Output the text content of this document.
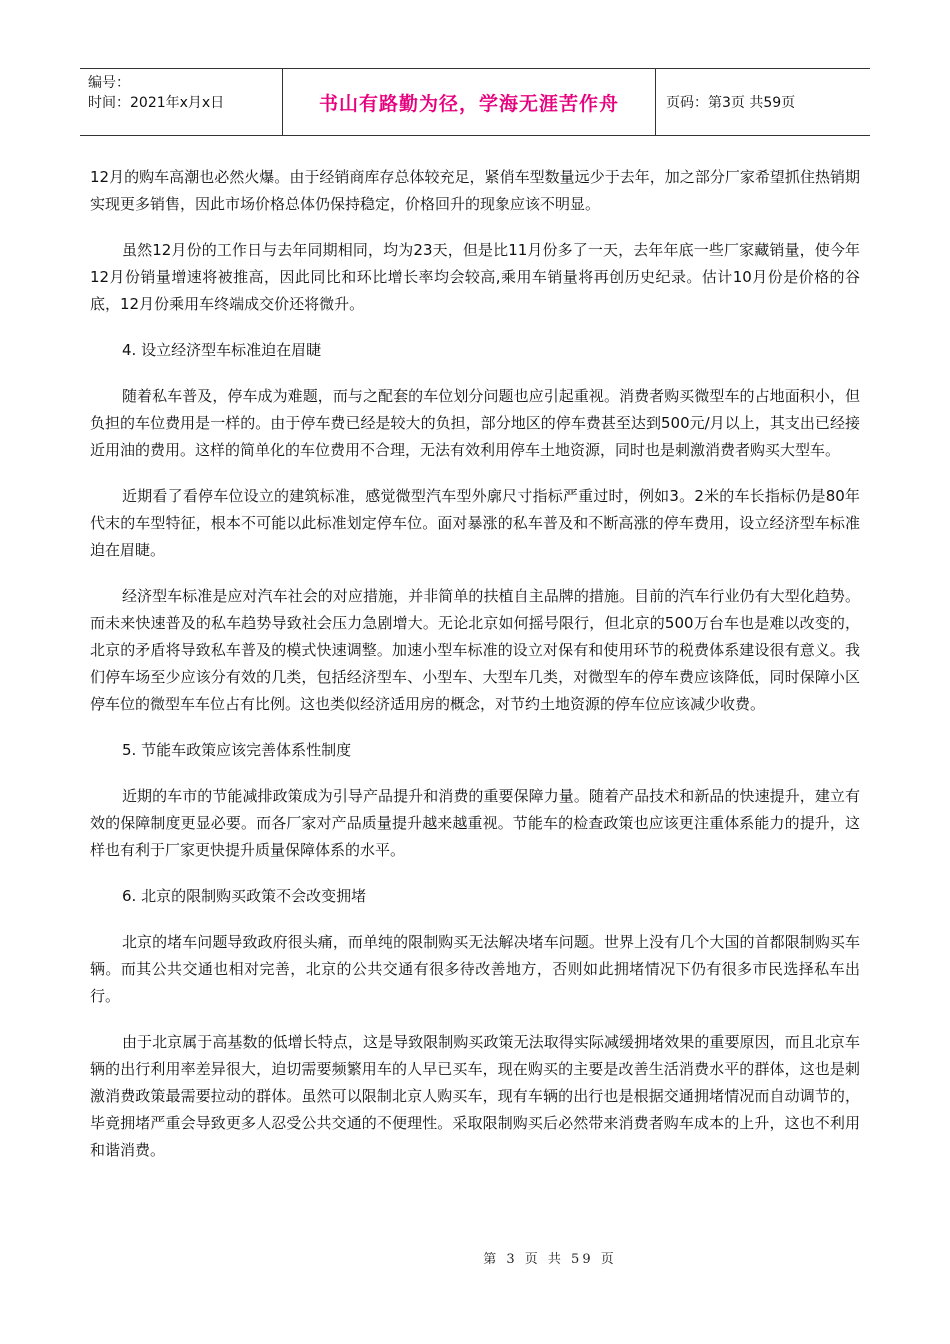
编号：
时间：2021年x月x日	书山有路勤为径，学海无涯苦作舟	页码：第3页 共59页

12月的购车高潮也必然火爆。由于经销商库存总体较充足，紧俏车型数量远少于去年，加之部分厂家希望抓住热销期实现更多销售，因此市场价格总体仍保持稳定，价格回升的现象应该不明显。

虽然12月份的工作日与去年同期相同，均为23天，但是比11月份多了一天，去年年底一些厂家藏销量，使今年12月份销量增速将被推高，因此同比和环比增长率均会较高,乘用车销量将再创历史纪录。估计10月份是价格的谷底，12月份乘用车终端成交价还将微升。

4. 设立经济型车标准迫在眉睫

随着私车普及，停车成为难题，而与之配套的车位划分问题也应引起重视。消费者购买微型车的占地面积小，但负担的车位费用是一样的。由于停车费已经是较大的负担，部分地区的停车费甚至达到500元/月以上，其支出已经接近用油的费用。这样的简单化的车位费用不合理，无法有效利用停车土地资源，同时也是刺激消费者购买大型车。

近期看了看停车位设立的建筑标准，感觉微型汽车型外廓尺寸指标严重过时，例如3。2米的车长指标仍是80年代末的车型特征，根本不可能以此标准划定停车位。面对暴涨的私车普及和不断高涨的停车费用，设立经济型车标准迫在眉睫。

经济型车标准是应对汽车社会的对应措施，并非简单的扶植自主品牌的措施。目前的汽车行业仍有大型化趋势。而未来快速普及的私车趋势导致社会压力急剧增大。无论北京如何摇号限行，但北京的500万台车也是难以改变的，北京的矛盾将导致私车普及的模式快速调整。加速小型车标准的设立对保有和使用环节的税费体系建设很有意义。我们停车场至少应该分有效的几类，包括经济型车、小型车、大型车几类，对微型车的停车费应该降低，同时保障小区停车位的微型车车位占有比例。这也类似经济适用房的概念，对节约土地资源的停车位应该减少收费。

5. 节能车政策应该完善体系性制度

近期的车市的节能减排政策成为引导产品提升和消费的重要保障力量。随着产品技术和新品的快速提升，建立有效的保障制度更显必要。而各厂家对产品质量提升越来越重视。节能车的检查政策也应该更注重体系能力的提升，这样也有利于厂家更快提升质量保障体系的水平。

6. 北京的限制购买政策不会改变拥堵

北京的堵车问题导致政府很头痛，而单纯的限制购买无法解决堵车问题。世界上没有几个大国的首都限制购买车辆。而其公共交通也相对完善，北京的公共交通有很多待改善地方，否则如此拥堵情况下仍有很多市民选择私车出行。

由于北京属于高基数的低增长特点，这是导致限制购买政策无法取得实际减缓拥堵效果的重要原因，而且北京车辆的出行利用率差异很大，迫切需要频繁用车的人早已买车，现在购买的主要是改善生活消费水平的群体，这也是刺激消费政策最需要拉动的群体。虽然可以限制北京人购买车，现有车辆的出行也是根据交通拥堵情况而自动调节的，毕竟拥堵严重会导致更多人忍受公共交通的不便理性。采取限制购买后必然带来消费者购车成本的上升，这也不利用和谐消费。

第 3 页 共 59 页
